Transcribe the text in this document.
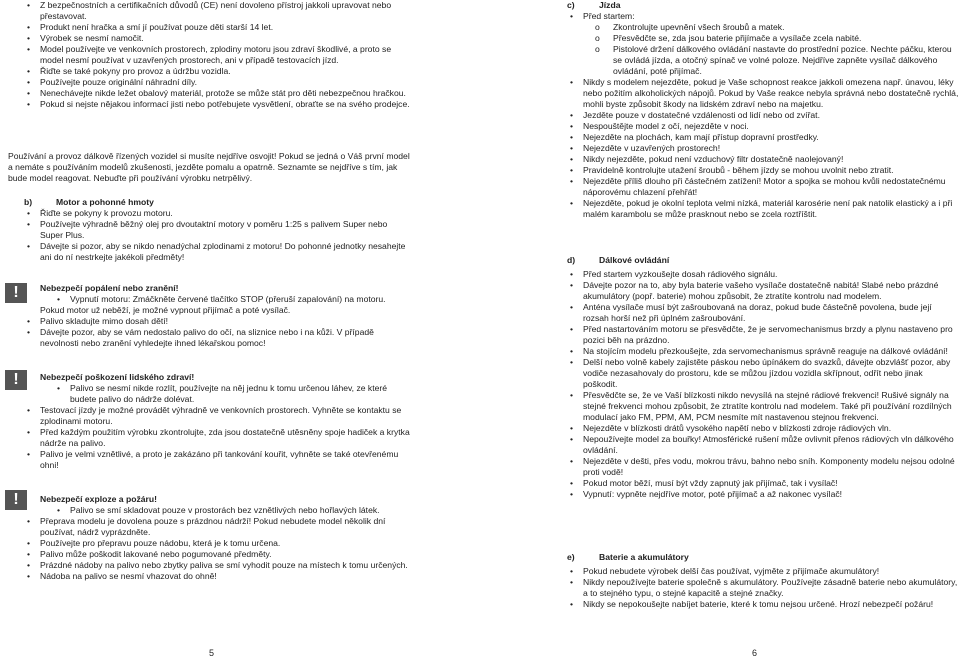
• Z bezpečnostních a certifikačních důvodů (CE) není dovoleno přístroj jakkoli upravovat nebo přestavovat.

• Produkt není hračka a smí jí používat pouze děti starší 14 let.

• Výrobek se nesmí namočit.

• Model používejte ve venkovních prostorech, zplodiny motoru jsou zdraví škodlivé, a proto se model nesmí používat v uzavřených prostorech, ani v případě testovacích jízd.

• Řiďte se také pokyny pro provoz a údržbu vozidla.

• Používejte pouze originální náhradní díly.

• Nenechávejte nikde ležet obalový materiál, protože se může stát pro děti nebezpečnou hračkou.

• Pokud si nejste nějakou informací jisti nebo potřebujete vysvětlení, obraťte se na svého prodejce.

Používání a provoz dálkově řízených vozidel si musíte nejdříve osvojit! Pokud se jedná o Váš první model a nemáte s používáním modelů zkušenosti, jezděte pomalu a opatrně. Seznamte se nejdříve s tím, jak bude model reagovat. Nebuďte při používání výrobku netrpělivý.

b)	Motor a pohonné hmoty

• Řiďte se pokyny k provozu motoru.

• Používejte výhradně běžný olej pro dvoutaktní motory v poměru 1:25 s palivem Super nebo Super Plus.

• Dávejte si pozor, aby se nikdo nenadýchal zplodinami z motoru! Do pohonné jednotky nesahejte ani do ní nestrkejte jakékoli předměty!

!	Nebezpečí popálení nebo zranění!

• Vypnutí motoru: Zmáčkněte červené tlačítko STOP (přeruší zapalování) na motoru.

Pokud motor už neběží, je možné vypnout přijímač a poté vysílač.

• Palivo skladujte mimo dosah dětí!

• Dávejte pozor, aby se vám nedostalo palivo do očí, na sliznice nebo i na kůži. V případě nevolnosti nebo zranění vyhledejte ihned lékařskou pomoc!

!	Nebezpečí poškození lidského zdraví!

• Palivo se nesmí nikde rozlít, používejte na něj jednu k tomu určenou láhev, ze které budete palivo do nádrže dolévat.

• Testovací jízdy je možné provádět výhradně ve venkovních prostorech. Vyhněte se kontaktu se zplodinami motoru.

• Před každým použitím výrobku zkontrolujte, zda jsou dostatečně utěsněny spoje hadiček a krytka nádrže na palivo.

• Palivo je velmi vznětlivé, a proto je zakázáno při tankování kouřit, vyhněte se také otevřenému ohni!

!	Nebezpečí exploze a požáru!

• Palivo se smí skladovat pouze v prostorách bez vznětlivých nebo hořlavých látek.

• Přeprava modelu je dovolena pouze s prázdnou nádrží! Pokud nebudete model několik dní používat, nádrž vyprázdněte.

• Používejte pro přepravu pouze nádobu, která je k tomu určena.

• Palivo může poškodit lakované nebo pogumované předměty.

• Prázdné nádoby na palivo nebo zbytky paliva se smí vyhodit pouze na místech k tomu určených.

• Nádoba na palivo se nesmí vhazovat do ohně!

5
c)	Jízda

• Před startem:

o Zkontrolujte upevnění všech šroubů a matek.

o Přesvědčte se, zda jsou baterie přijímače a vysílače zcela nabité.

o Pistolové držení dálkového ovládání nastavte do prostřední pozice. Nechte páčku, kterou se ovládá jízda, a otočný spínač ve volné poloze. Nejdříve zapněte vysílač dálkového ovládání, poté přijímač.

• Nikdy s modelem nejezděte, pokud je Vaše schopnost reakce jakkoli omezena např. únavou, léky nebo požitím alkoholických nápojů. Pokud by Vaše reakce nebyla správná nebo dostatečně rychlá, mohli byste způsobit škody na lidském zdraví nebo na majetku.

• Jezděte pouze v dostatečné vzdálenosti od lidí nebo od zvířat.

• Nespouštějte model z očí, nejezděte v noci.

• Nejezděte na plochách, kam mají přístup dopravní prostředky.

• Nejezděte v uzavřených prostorech!

• Nikdy nejezděte, pokud není vzduchový filtr dostatečně naolejovaný!

• Pravidelně kontrolujte utažení šroubů - během jízdy se mohou uvolnit nebo ztratit.

• Nejezděte příliš dlouho při částečném zatížení! Motor a spojka se mohou kvůli nedostatečnému náporovému chlazení přehřát!

• Nejezděte, pokud je okolní teplota velmi nízká, materiál karosérie není pak natolik elastický a i při malém karambolu se může prasknout nebo se zcela roztříštit.

d)	Dálkové ovládání

• Před startem vyzkoušejte dosah rádiového signálu.

• Dávejte pozor na to, aby byla baterie vašeho vysílače dostatečně nabitá! Slabé nebo prázdné akumulátory (popř. baterie) mohou způsobit, že ztratíte kontrolu nad modelem.

• Anténa vysílače musí být zašroubovaná na doraz, pokud bude částečně povolena, bude její rozsah horší než při úplném zašroubování.

• Před nastartováním motoru se přesvědčte, že je servomechanismus brzdy a plynu nastaveno pro pozici běh na prázdno.

• Na stojícím modelu přezkoušejte, zda servomechanismus správně reaguje na dálkové ovládání!

• Delší nebo volně kabely zajistěte páskou nebo úpínákem do svazků, dávejte obzvlášť pozor, aby vodiče nezasahovaly do prostoru, kde se můžou jízdou vozidla skřípnout, odřít nebo jinak poškodit.

• Přesvědčte se, že ve Vaší blízkosti nikdo nevysílá na stejné rádiové frekvenci! Rušivé signály na stejné frekvenci mohou způsobit, že ztratíte kontrolu nad modelem. Také při používání rozdílných modulací jako FM, PPM, AM, PCM nesmíte mít nastavenou stejnou frekvenci.

• Nejezděte v blízkosti drátů vysokého napětí nebo v blízkosti zdroje rádiových vln.

• Nepoužívejte model za bouřky! Atmosférické rušení může ovlivnit přenos rádiových vln dálkového ovládání.

• Nejezděte v dešti, přes vodu, mokrou trávu, bahno nebo sníh. Komponenty modelu nejsou odolné proti vodě!

• Pokud motor běží, musí být vždy zapnutý jak přijímač, tak i vysílač!

• Vypnutí: vypněte nejdříve motor, poté přijímač a až nakonec vysílač!

e)	Baterie a akumulátory

• Pokud nebudete výrobek delší čas používat, vyjměte z přijímače akumulátory!

• Nikdy nepoužívejte baterie společně s akumulátory. Používejte zásadně baterie nebo akumulátory, a to stejného typu, o stejné kapacitě a stejné značky.

• Nikdy se nepokoušejte nabíjet baterie, které k tomu nejsou určené. Hrozí nebezpečí požáru!

6
